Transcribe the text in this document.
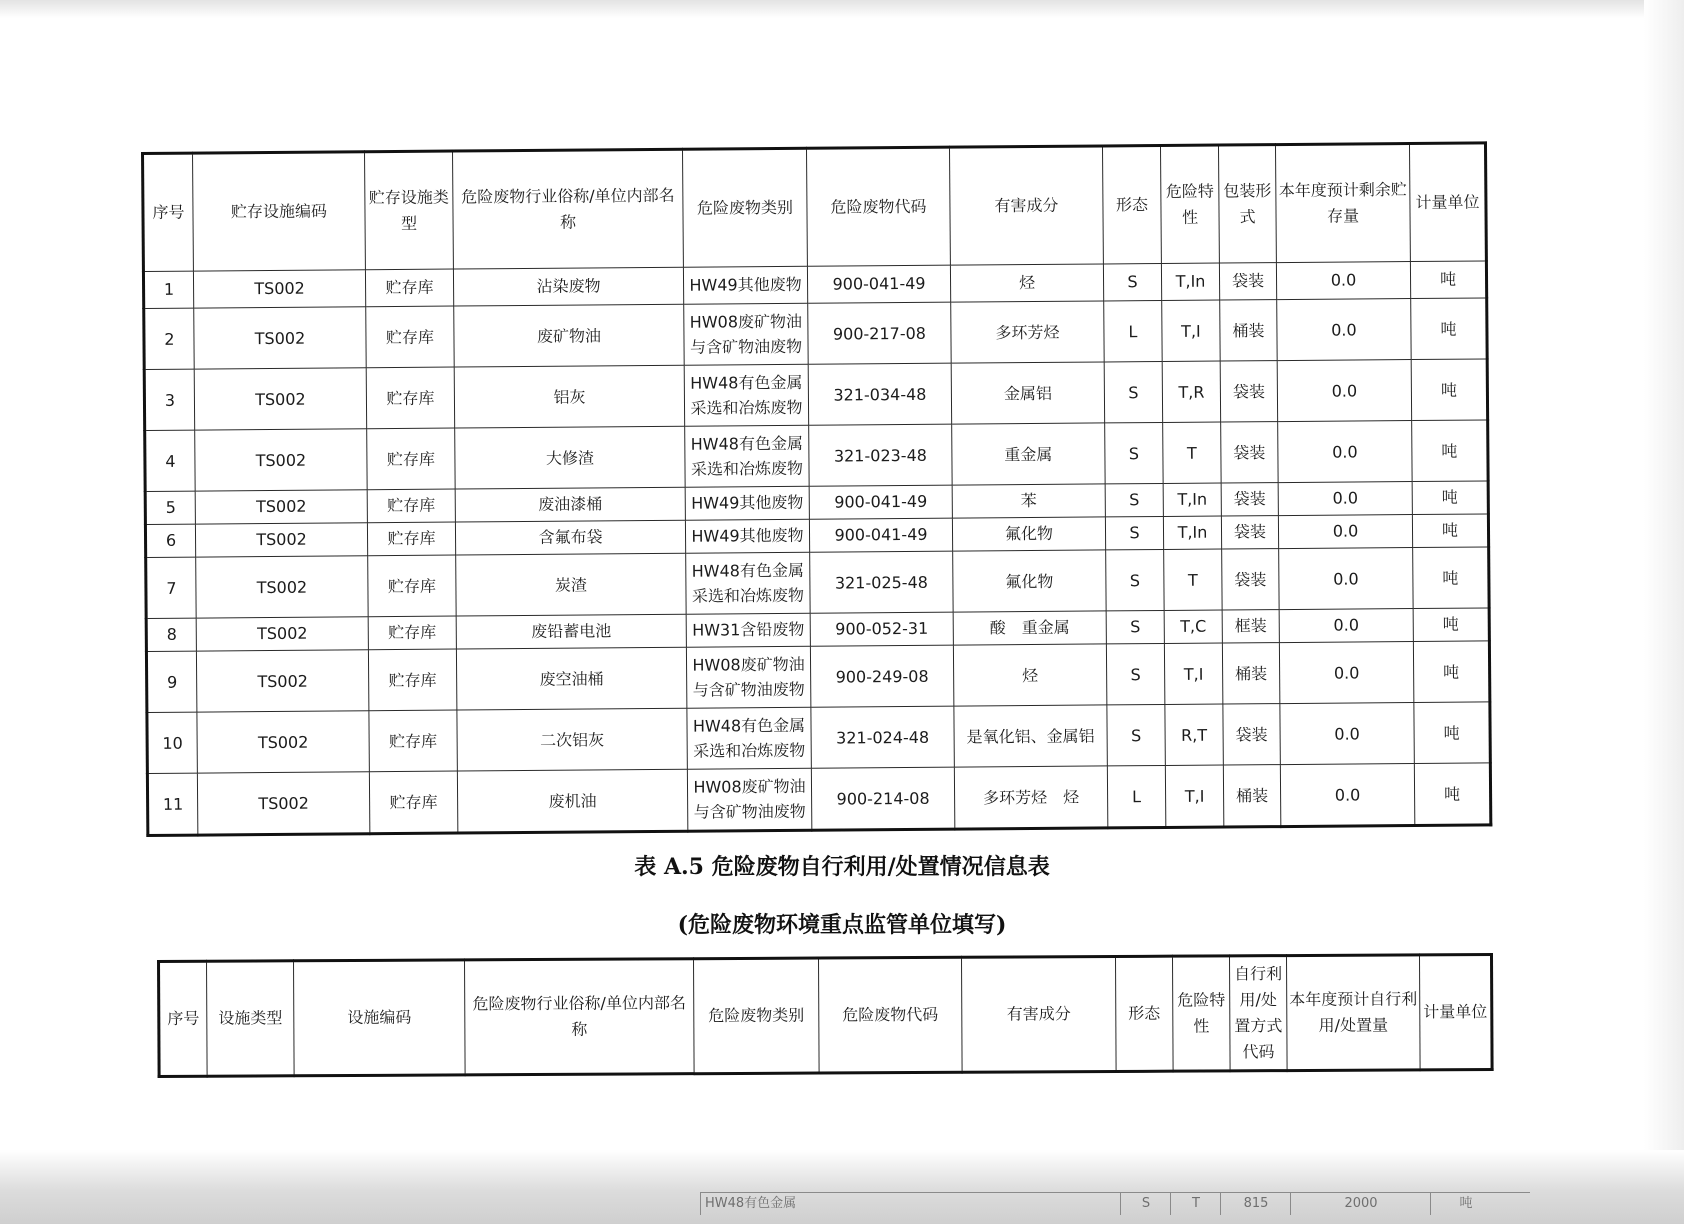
序号	贮存设施编码	贮存设施类型	危险废物行业俗称/单位内部名称	危险废物类别	危险废物代码	有害成分	形态	危险特性	包装形式	本年度预计剩余贮存量	计量单位
1	TS002	贮存库	沾染废物	HW49其他废物	900-041-49	烃	S	T,In	袋装	0.0	吨
2	TS002	贮存库	废矿物油	HW08废矿物油与含矿物油废物	900-217-08	多环芳烃	L	T,I	桶装	0.0	吨
3	TS002	贮存库	铝灰	HW48有色金属采选和冶炼废物	321-034-48	金属铝	S	T,R	袋装	0.0	吨
4	TS002	贮存库	大修渣	HW48有色金属采选和冶炼废物	321-023-48	重金属	S	T	袋装	0.0	吨
5	TS002	贮存库	废油漆桶	HW49其他废物	900-041-49	苯	S	T,In	袋装	0.0	吨
6	TS002	贮存库	含氟布袋	HW49其他废物	900-041-49	氟化物	S	T,In	袋装	0.0	吨
7	TS002	贮存库	炭渣	HW48有色金属采选和冶炼废物	321-025-48	氟化物	S	T	袋装	0.0	吨
8	TS002	贮存库	废铅蓄电池	HW31含铅废物	900-052-31	酸　重金属	S	T,C	框装	0.0	吨
9	TS002	贮存库	废空油桶	HW08废矿物油与含矿物油废物	900-249-08	烃	S	T,I	桶装	0.0	吨
10	TS002	贮存库	二次铝灰	HW48有色金属采选和冶炼废物	321-024-48	是氧化铝、金属铝	S	R,T	袋装	0.0	吨
11	TS002	贮存库	废机油	HW08废矿物油与含矿物油废物	900-214-08	多环芳烃　烃	L	T,I	桶装	0.0	吨
表 A.5 危险废物自行利用/处置情况信息表
(危险废物环境重点监管单位填写)
序号	设施类型	设施编码	危险废物行业俗称/单位内部名称	危险废物类别	危险废物代码	有害成分	形态	危险特性	自行利用/处置方式代码	本年度预计自行利用/处置量	计量单位
HW48有色金属	S	T	815	2000	吨
